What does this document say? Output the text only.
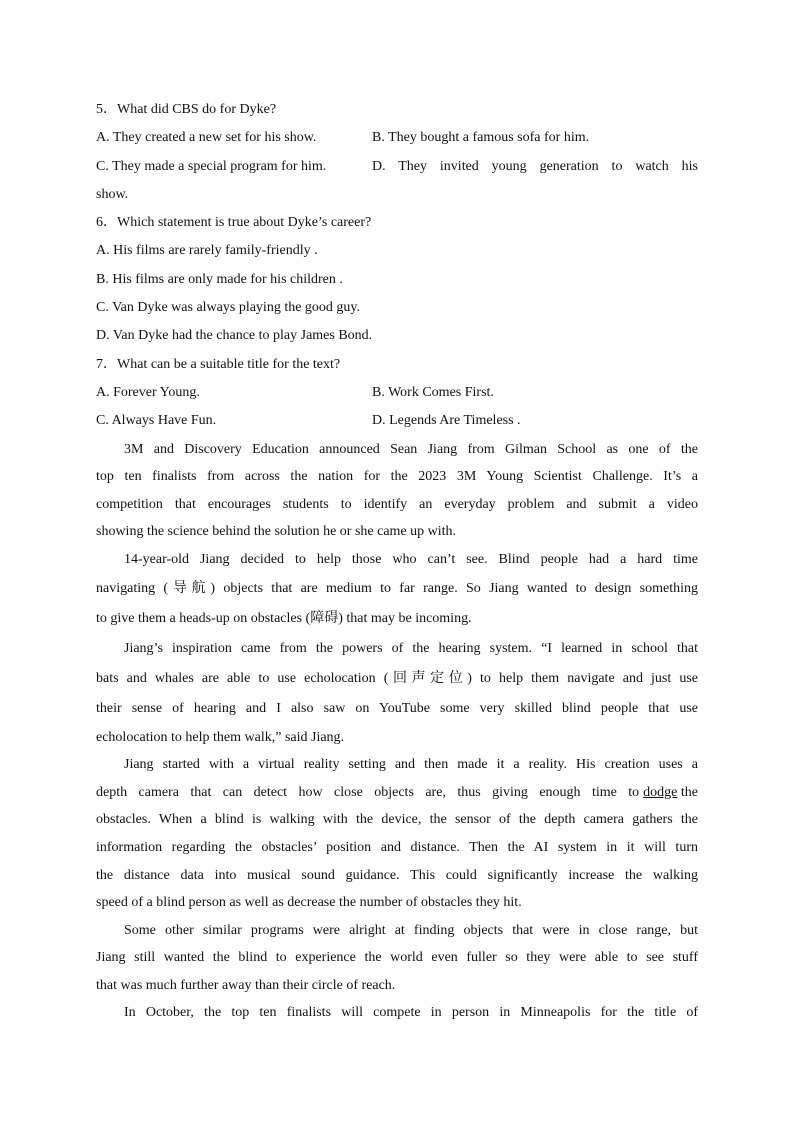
5．What did CBS do for Dyke?
A. They created a new set for his show.	B. They bought a famous sofa for him.
C. They made a special program for him.	D. They invited young generation to watch his
show.
6．Which statement is true about Dyke’s career?
A. His films are rarely family-friendly .
B. His films are only made for his children .
C. Van Dyke was always playing the good guy.
D. Van Dyke had the chance to play James Bond.
7．What can be a suitable title for the text?
A. Forever Young.	B. Work Comes First.
C. Always Have Fun.	D. Legends Are Timeless .
3M and Discovery Education announced Sean Jiang from Gilman School as one of the
top ten finalists from across the nation for the 2023 3M Young Scientist Challenge. It’s a
competition that encourages students to identify an everyday problem and submit a video
showing the science behind the solution he or she came up with.
14-year-old Jiang decided to help those who can’t see. Blind people had a hard time
navigating (导航) objects that are medium to far range. So Jiang wanted to design something
to give them a heads-up on obstacles (障碍) that may be incoming.
Jiang’s inspiration came from the powers of the hearing system. “I learned in school that
bats and whales are able to use echolocation (回声定位) to help them navigate and just use
their sense of hearing and I also saw on YouTube some very skilled blind people that use
echolocation to help them walk,” said Jiang.
Jiang started with a virtual reality setting and then made it a reality. His creation uses a
depth camera that can detect how close objects are, thus giving enough time to dodge the
obstacles. When a blind is walking with the device, the sensor of the depth camera gathers the
information regarding the obstacles’ position and distance. Then the AI system in it will turn
the distance data into musical sound guidance. This could significantly increase the walking
speed of a blind person as well as decrease the number of obstacles they hit.
Some other similar programs were alright at finding objects that were in close range, but
Jiang still wanted the blind to experience the world even fuller so they were able to see stuff
that was much further away than their circle of reach.
In October, the top ten finalists will compete in person in Minneapolis for the title of
